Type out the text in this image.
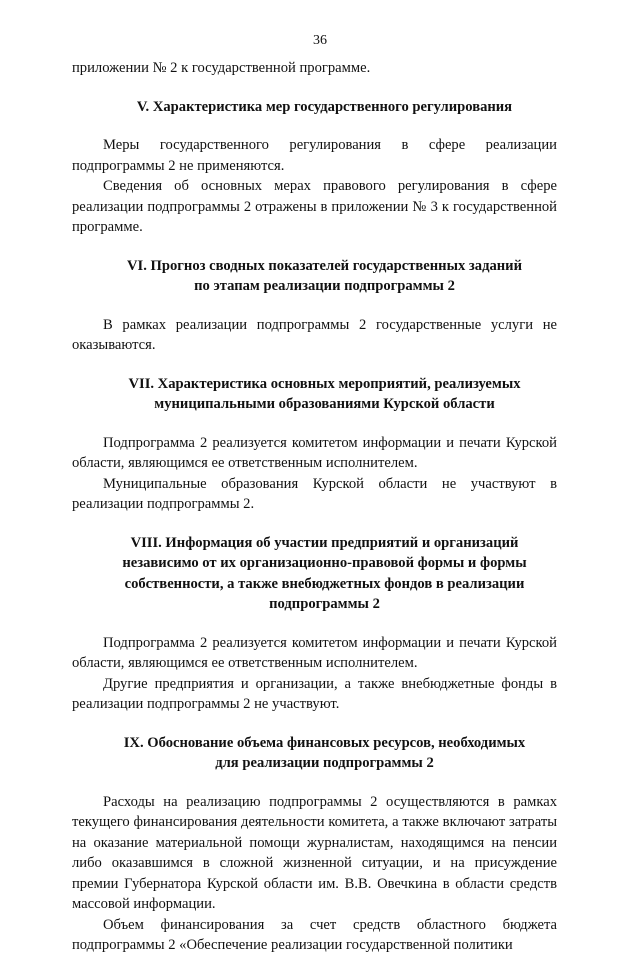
36

приложении № 2 к государственной программе.

V. Характеристика мер государственного регулирования

Меры государственного регулирования в сфере реализации подпрограммы 2 не применяются.

Сведения об основных мерах правового регулирования в сфере реализации подпрограммы 2 отражены в приложении № 3 к государственной программе.

VI. Прогноз сводных показателей государственных заданий

по этапам реализации подпрограммы 2

В рамках реализации подпрограммы 2 государственные услуги не оказываются.

VII. Характеристика основных мероприятий, реализуемых

муниципальными образованиями Курской области

Подпрограмма 2 реализуется комитетом информации и печати Курской области, являющимся ее ответственным исполнителем.

Муниципальные образования Курской области не участвуют в реализации подпрограммы 2.

VIII. Информация об участии предприятий и организаций

независимо от их организационно-правовой формы и формы

собственности, а также внебюджетных фондов в реализации

подпрограммы 2

Подпрограмма 2 реализуется комитетом информации и печати Курской области, являющимся ее ответственным исполнителем.

Другие предприятия и организации, а также внебюджетные фонды в реализации подпрограммы 2 не участвуют.

IX. Обоснование объема финансовых ресурсов, необходимых

для реализации подпрограммы 2

Расходы на реализацию подпрограммы 2 осуществляются в рамках текущего финансирования деятельности комитета, а также включают затраты на оказание материальной помощи журналистам, находящимся на пенсии либо оказавшимся в сложной жизненной ситуации, и на присуждение премии Губернатора Курской области им. В.В. Овечкина в области средств массовой информации.

Объем финансирования за счет средств областного бюджета подпрограммы 2 «Обеспечение реализации государственной политики
